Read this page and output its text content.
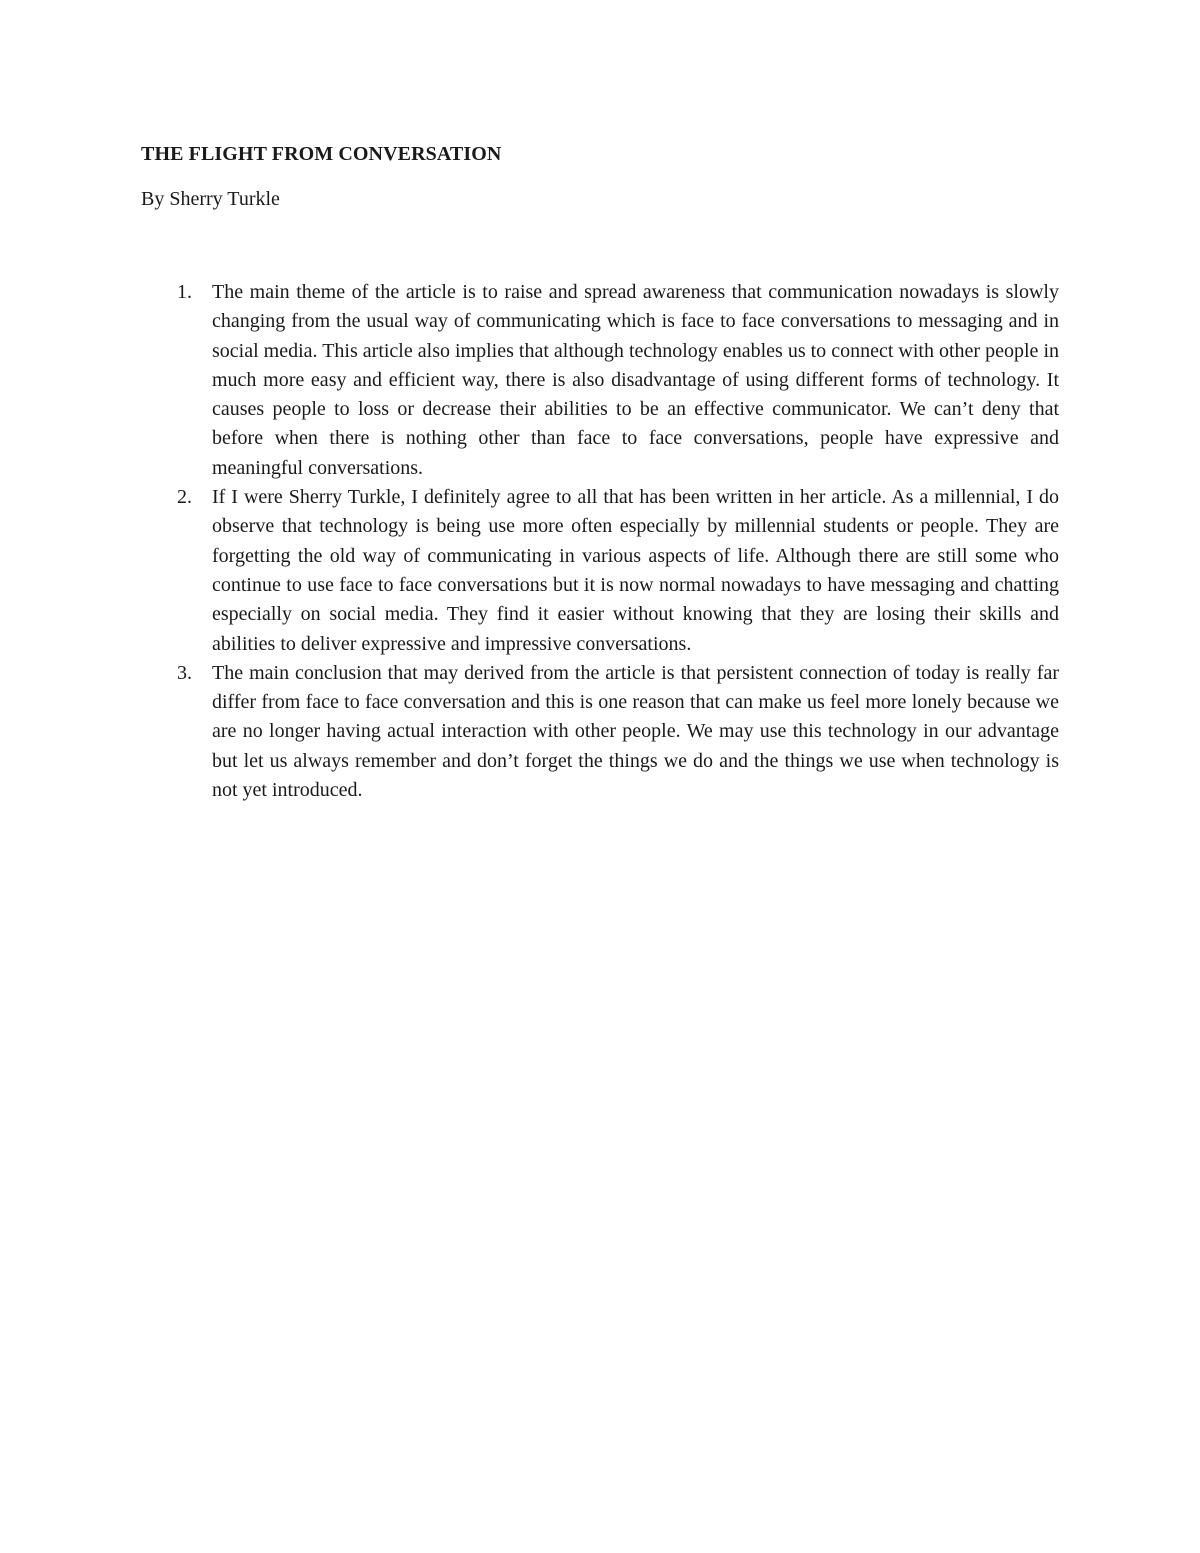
THE FLIGHT FROM CONVERSATION

By Sherry Turkle

1. The main theme of the article is to raise and spread awareness that communication nowadays is slowly changing from the usual way of communicating which is face to face conversations to messaging and in social media. This article also implies that although technology enables us to connect with other people in much more easy and efficient way, there is also disadvantage of using different forms of technology. It causes people to loss or decrease their abilities to be an effective communicator. We can’t deny that before when there is nothing other than face to face conversations, people have expressive and meaningful conversations.
2. If I were Sherry Turkle, I definitely agree to all that has been written in her article. As a millennial, I do observe that technology is being use more often especially by millennial students or people. They are forgetting the old way of communicating in various aspects of life. Although there are still some who continue to use face to face conversations but it is now normal nowadays to have messaging and chatting especially on social media. They find it easier without knowing that they are losing their skills and abilities to deliver expressive and impressive conversations.
3. The main conclusion that may derived from the article is that persistent connection of today is really far differ from face to face conversation and this is one reason that can make us feel more lonely because we are no longer having actual interaction with other people. We may use this technology in our advantage but let us always remember and don’t forget the things we do and the things we use when technology is not yet introduced.
